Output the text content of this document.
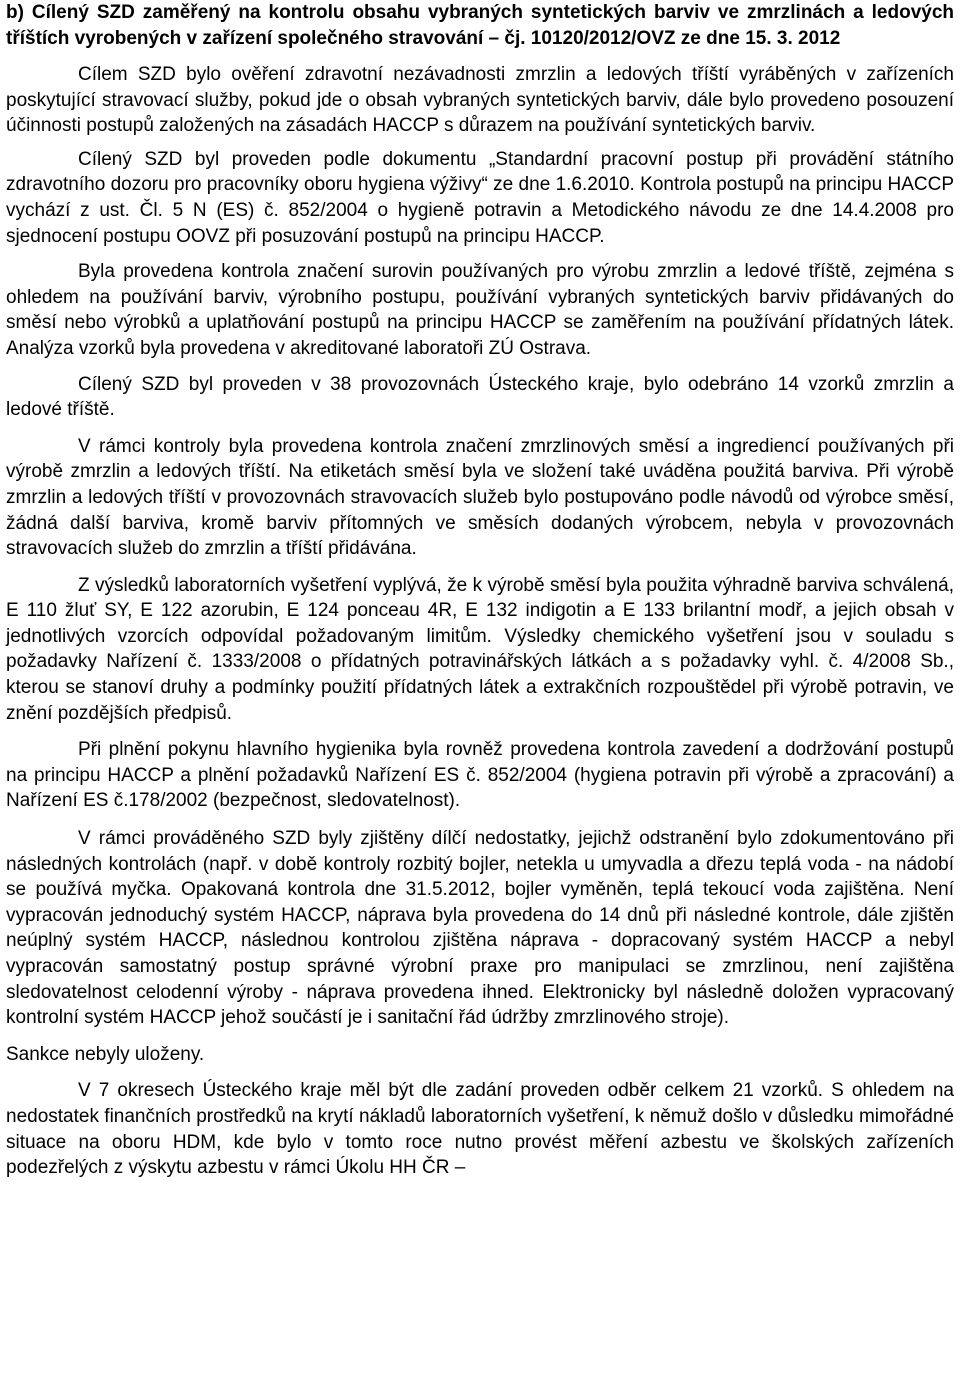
b) Cílený SZD zaměřený na kontrolu obsahu vybraných syntetických barviv ve zmrzlinách a ledových tříštích vyrobených v zařízení společného stravování – čj. 10120/2012/OVZ ze dne 15. 3. 2012

Cílem SZD bylo ověření zdravotní nezávadnosti zmrzlin a ledových tříští vyráběných v zařízeních poskytující stravovací služby, pokud jde o obsah vybraných syntetických barviv, dále bylo provedeno posouzení účinnosti postupů založených na zásadách HACCP s důrazem na používání syntetických barviv.

Cílený SZD byl proveden podle dokumentu „Standardní pracovní postup při provádění státního zdravotního dozoru pro pracovníky oboru hygiena výživy“ ze dne 1.6.2010. Kontrola postupů na principu HACCP vychází z ust. Čl. 5 N (ES) č. 852/2004 o hygieně potravin a Metodického návodu ze dne 14.4.2008 pro sjednocení postupu OOVZ při posuzování postupů na principu HACCP.

Byla provedena kontrola značení surovin používaných pro výrobu zmrzlin a ledové tříště, zejména s ohledem na používání barviv, výrobního postupu, používání vybraných syntetických barviv přidávaných do směsí nebo výrobků a uplatňování postupů na principu HACCP se zaměřením na používání přídatných látek. Analýza vzorků byla provedena v akreditované laboratoři ZÚ Ostrava.

Cílený SZD byl proveden v 38 provozovnách Ústeckého kraje, bylo odebráno 14 vzorků zmrzlin a ledové tříště.

V rámci kontroly byla provedena kontrola značení zmrzlinových směsí a ingrediencí používaných při výrobě zmrzlin a ledových tříští. Na etiketách směsí byla ve složení také uváděna použitá barviva. Při výrobě zmrzlin a ledových tříští v provozovnách stravovacích služeb bylo postupováno podle návodů od výrobce směsí, žádná další barviva, kromě barviv přítomných ve směsích dodaných výrobcem, nebyla v provozovnách stravovacích služeb do zmrzlin a tříští přidávána.

Z výsledků laboratorních vyšetření vyplývá, že k výrobě směsí byla použita výhradně barviva schválená, E 110 žluť SY, E 122 azorubin, E 124 ponceau 4R, E 132 indigotin a E 133 brilantní modř, a jejich obsah v jednotlivých vzorcích odpovídal požadovaným limitům. Výsledky chemického vyšetření jsou v souladu s požadavky Nařízení č. 1333/2008 o přídatných potravinářských látkách a s požadavky vyhl. č. 4/2008 Sb., kterou se stanoví druhy a podmínky použití přídatných látek a extrakčních rozpouštědel při výrobě potravin, ve znění pozdějších předpisů.

Při plnění pokynu hlavního hygienika byla rovněž provedena kontrola zavedení a dodržování postupů na principu HACCP a plnění požadavků Nařízení ES č. 852/2004 (hygiena potravin při výrobě a zpracování) a Nařízení ES č.178/2002 (bezpečnost, sledovatelnost).

V rámci prováděného SZD byly zjištěny dílčí nedostatky, jejichž odstranění bylo zdokumentováno při následných kontrolách (např. v době kontroly rozbitý bojler, netekla u umyvadla a dřezu teplá voda - na nádobí se používá myčka. Opakovaná kontrola dne 31.5.2012, bojler vyměněn, teplá tekoucí voda zajištěna. Není vypracován jednoduchý systém HACCP, náprava byla provedena do 14 dnů při následné kontrole, dále zjištěn neúplný systém HACCP, následnou kontrolou zjištěna náprava - dopracovaný systém HACCP a nebyl vypracován samostatný postup správné výrobní praxe pro manipulaci se zmrzlinou, není zajištěna sledovatelnost celodenní výroby - náprava provedena ihned. Elektronicky byl následně doložen vypracovaný kontrolní systém HACCP jehož součástí je i sanitační řád údržby zmrzlinového stroje).

Sankce nebyly uloženy.

V 7 okresech Ústeckého kraje měl být dle zadání proveden odběr celkem 21 vzorků. S ohledem na nedostatek finančních prostředků na krytí nákladů laboratorních vyšetření, k němuž došlo v důsledku mimořádné situace na oboru HDM, kde bylo v tomto roce nutno provést měření azbestu ve školských zařízeních podezřelých z výskytu azbestu v rámci Úkolu HH ČR –
